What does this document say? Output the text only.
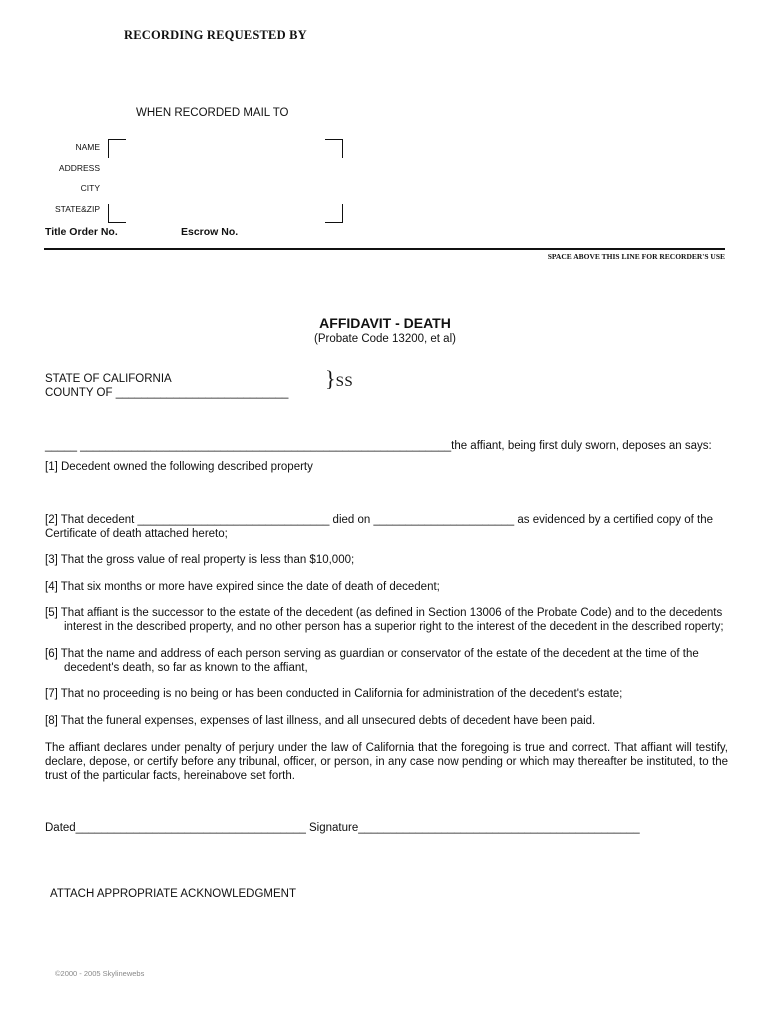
RECORDING REQUESTED BY
WHEN RECORDED MAIL TO
NAME
ADDRESS
CITY
STATE&ZIP
Title Order No.	Escrow No.
SPACE ABOVE THIS LINE FOR RECORDER'S USE
AFFIDAVIT - DEATH
(Probate Code 13200, et al)
STATE OF CALIFORNIA
COUNTY OF ___________________________
}SS
_____ __________________________________________________________the affiant, being first duly sworn, deposes an says:
[1] Decedent owned the following described property
[2] That decedent ______________________________ died on ______________________ as evidenced by a certified copy of the
Certificate of death attached hereto;
[3] That the gross value of real property is less than $10,000;
[4] That six months or more have expired since the date of death of decedent;
[5] That affiant is the successor to the estate of the decedent (as defined in Section 13006 of the Probate Code) and to the decedents
interest in the described property, and no other person has a superior right to the interest of the decedent in the described roperty;
[6] That the name and address of each person serving as guardian or conservator of the estate of the decedent at the time of the
decedent's death, so far as known to the affiant,
[7] That no proceeding is no being or has been conducted in California for administration of the decedent's estate;
[8] That the funeral expenses, expenses of last illness, and all unsecured debts of decedent have been paid.
The affiant declares under penalty of perjury under the law of California that the foregoing is true and correct. That affiant will testify, declare, depose, or certify before any tribunal, officer, or person, in any case now pending or which may thereafter be instituted, to the trust of the particular facts, hereinabove set forth.
Dated____________________________________ Signature____________________________________________
ATTACH APPROPRIATE ACKNOWLEDGMENT
©2000 - 2005 Skylinewebs
